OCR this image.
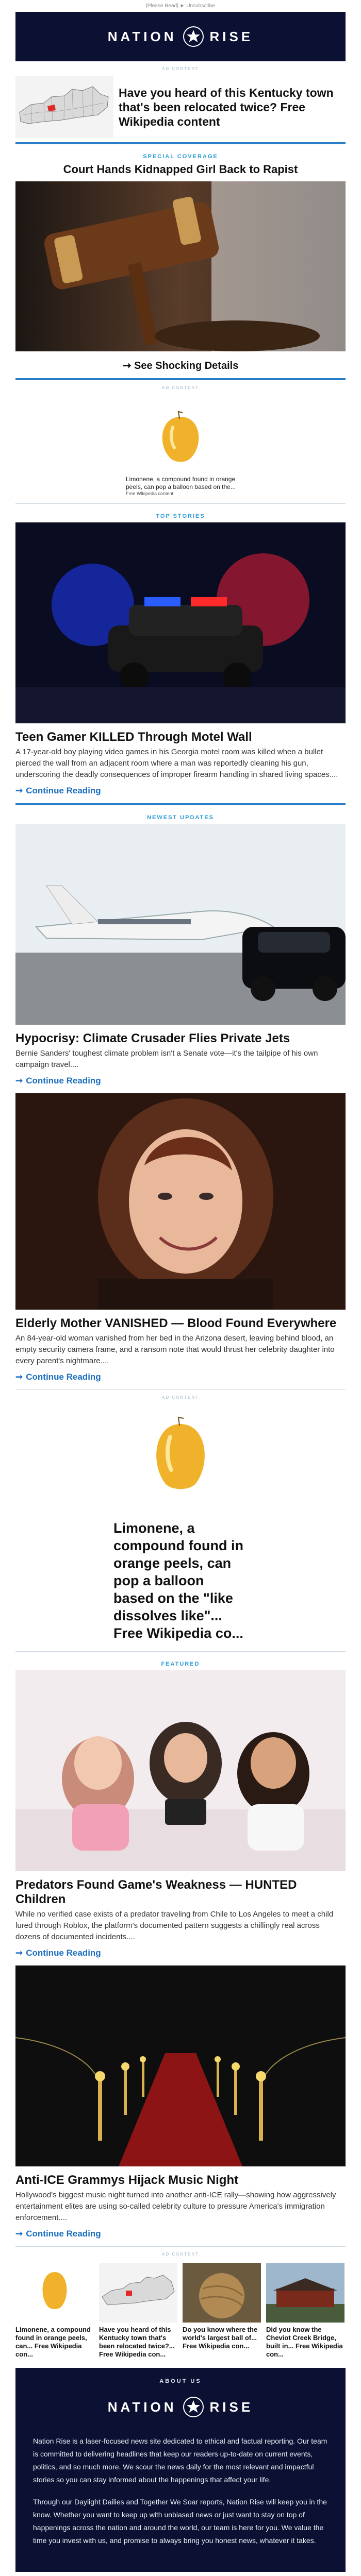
[Please Read] ► Unsubscribe
NATION RISE
AD CONTENT
Have you heard of this Kentucky town that's been relocated twice? Free Wikipedia content
SPECIAL COVERAGE
Court Hands Kidnapped Girl Back to Rapist
➞ See Shocking Details
AD CONTENT
Limonene, a compound found in orange peels, can pop a balloon based on the...
Free Wikipedia content
TOP STORIES
Teen Gamer KILLED Through Motel Wall

A 17-year-old boy playing video games in his Georgia motel room was killed when a bullet pierced the wall from an adjacent room where a man was reportedly cleaning his gun, underscoring the deadly consequences of improper firearm handling in shared living spaces....

➞ Continue Reading
NEWEST UPDATES
Hypocrisy: Climate Crusader Flies Private Jets

Bernie Sanders' toughest climate problem isn't a Senate vote—it's the tailpipe of his own campaign travel....

➞ Continue Reading
Elderly Mother VANISHED — Blood Found Everywhere

An 84-year-old woman vanished from her bed in the Arizona desert, leaving behind blood, an empty security camera frame, and a ransom note that would thrust her celebrity daughter into every parent's nightmare....

➞ Continue Reading
AD CONTENT
Limonene, a compound found in orange peels, can pop a balloon based on the "like dissolves like"... Free Wikipedia co...
FEATURED
Predators Found Game's Weakness — HUNTED Children

While no verified case exists of a predator traveling from Chile to Los Angeles to meet a child lured through Roblox, the platform's documented pattern suggests a chillingly real across dozens of documented incidents....

➞ Continue Reading
Anti-ICE Grammys Hijack Music Night

Hollywood's biggest music night turned into another anti-ICE rally—showing how aggressively entertainment elites are using so-called celebrity culture to pressure America's immigration enforcement....

➞ Continue Reading
AD CONTENT
Limonene, a compound found in orange peels, can... Free Wikipedia con...
Have you heard of this Kentucky town that's been relocated twice?... Free Wikipedia con...
Do you know where the world's largest ball of... Free Wikipedia con...
Did you know the Cheviot Creek Bridge, built in... Free Wikipedia con...
ABOUT US
NATION RISE

Nation Rise is a laser-focused news site dedicated to ethical and factual reporting. Our team is committed to delivering headlines that keep our readers up-to-date on current events, politics, and so much more. We scour the news daily for the most relevant and impactful stories so you can stay informed about the happenings that affect your life.

Through our Daylight Dailies and Together We Soar reports, Nation Rise will keep you in the know. Whether you want to keep up with unbiased news or just want to stay on top of happenings across the nation and around the world, our team is here for you. We value the time you invest with us, and promise to always bring you honest news, whatever it takes.
